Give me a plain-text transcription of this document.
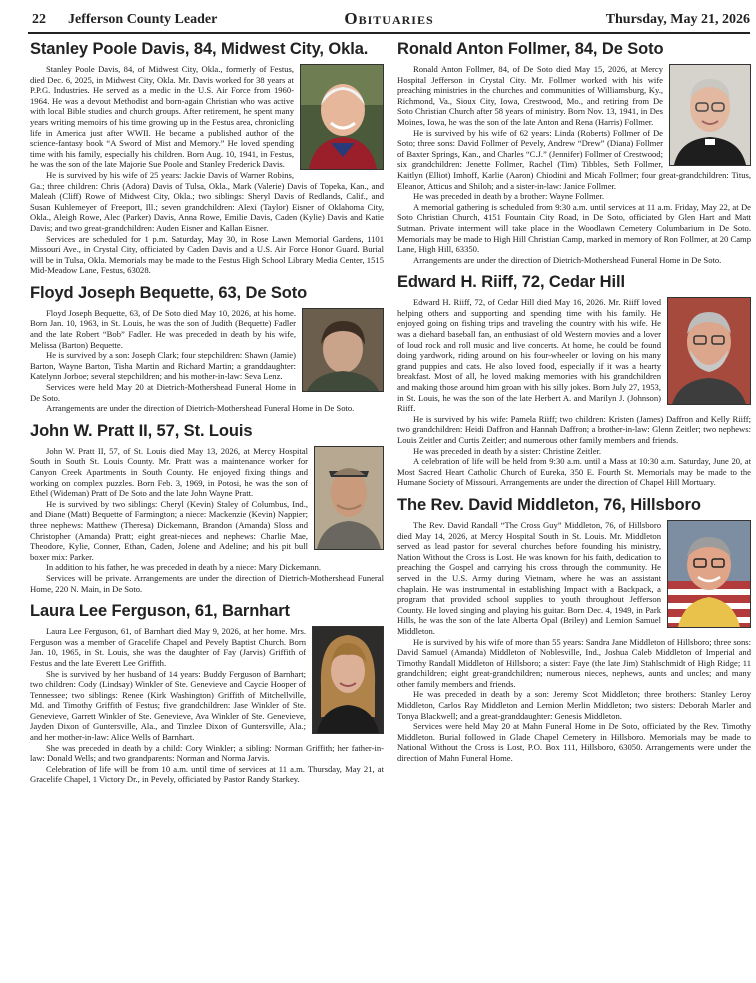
22 Jefferson County Leader	Obituaries	Thursday, May 21, 2026
Stanley Poole Davis, 84, Midwest City, Okla.

Stanley Poole Davis, 84, of Midwest City, Okla., formerly of Festus, died Dec. 6, 2025, in Midwest City, Okla. Mr. Davis worked for 38 years at P.P.G. Industries. He served as a medic in the U.S. Air Force from 1960-1964. He was a devout Methodist and born-again Christian who was active with local Bible studies and church groups. After retirement, he spent many years writing memoirs of his time growing up in the Festus area, chronicling life in America just after WWII. He became a published author of the science-fantasy book “A Sword of Mist and Memory.” He loved spending time with his family, especially his children. Born Aug. 10, 1941, in Festus, he was the son of the late Majorie Sue Poole and Stanley Frederick Davis.

He is survived by his wife of 25 years: Jackie Davis of Warner Robins, Ga.; three children: Chris (Adora) Davis of Tulsa, Okla., Mark (Valerie) Davis of Topeka, Kan., and Maleah (Cliff) Rowe of Midwest City, Okla.; two siblings: Sheryl Davis of Redlands, Calif., and Susan Kuhlemeyer of Freeport, Ill.; seven grandchildren: Alexi (Taylor) Eisner of Oklahoma City, Okla., Aleigh Rowe, Alec (Parker) Davis, Anna Rowe, Emilie Davis, Caden (Kylie) Davis and Katie Davis; and two great-grandchildren: Auden Eisner and Kallan Eisner.

Services are scheduled for 1 p.m. Saturday, May 30, in Rose Lawn Memorial Gardens, 1101 Missouri Ave., in Crystal City, officiated by Caden Davis and a U.S. Air Force Honor Guard. Burial will be in Tulsa, Okla. Memorials may be made to the Festus High School Library Media Center, 1515 Mid-Meadow Lane, Festus, 63028.

Floyd Joseph Bequette, 63, De Soto

Floyd Joseph Bequette, 63, of De Soto died May 10, 2026, at his home. Born Jan. 10, 1963, in St. Louis, he was the son of Judith (Bequette) Fadler and the late Robert “Bob” Fadler. He was preceded in death by his wife, Melissa (Barton) Bequette.

He is survived by a son: Joseph Clark; four stepchildren: Shawn (Jamie) Barton, Wayne Barton, Tisha Martin and Richard Martin; a granddaughter: Katelynn Jorboe; several stepchildren; and his mother-in-law: Seva Lenz.

Services were held May 20 at Dietrich-Mothershead Funeral Home in De Soto.

Arrangements are under the direction of Dietrich-Mothershead Funeral Home in De Soto.

John W. Pratt II, 57, St. Louis

John W. Pratt II, 57, of St. Louis died May 13, 2026, at Mercy Hospital South in South St. Louis County. Mr. Pratt was a maintenance worker for Canyon Creek Apartments in South County. He enjoyed fixing things and working on complex puzzles. Born Feb. 3, 1969, in Potosi, he was the son of Ethel (Wideman) Pratt of De Soto and the late John Wayne Pratt.

He is survived by two siblings: Cheryl (Kevin) Staley of Columbus, Ind., and Diane (Matt) Bequette of Farmington; a niece: Mackenzie (Kevin) Nappier; three nephews: Matthew (Theresa) Dickemann, Brandon (Amanda) Sloss and Christopher (Amanda) Pratt; eight great-nieces and nephews: Charlie Mae, Theodore, Kylie, Conner, Ethan, Caden, Jolene and Adeline; and his pit bull boxer mix: Parker.

In addition to his father, he was preceded in death by a niece: Mary Dickemann.

Services will be private. Arrangements are under the direction of Dietrich-Mothershead Funeral Home, 220 N. Main, in De Soto.

Laura Lee Ferguson, 61, Barnhart

Laura Lee Ferguson, 61, of Barnhart died May 9, 2026, at her home. Mrs. Ferguson was a member of Gracelife Chapel and Pevely Baptist Church. Born Jan. 10, 1965, in St. Louis, she was the daughter of Fay (Jarvis) Griffith of Festus and the late Everett Lee Griffith.

She is survived by her husband of 14 years: Buddy Ferguson of Barnhart; two children: Cody (Lindsay) Winkler of Ste. Genevieve and Caycie Hooper of Tennessee; two siblings: Renee (Kirk Washington) Griffith of Mitchellville, Md. and Timothy Griffith of Festus; five grandchildren: Jase Winkler of Ste. Genevieve, Garrett Winkler of Ste. Genevieve, Ava Winkler of Ste. Genevieve, Jayden Dixon of Guntersville, Ala., and Tinzlee Dixon of Guntersville, Ala.; and her mother-in-law: Alice Wells of Barnhart.

She was preceded in death by a child: Cory Winkler; a sibling: Norman Griffith; her father-in-law: Donald Wells; and two grandparents: Norman and Norma Jarvis.

Celebration of life will be from 10 a.m. until time of services at 11 a.m. Thursday, May 21, at Gracelife Chapel, 1 Victory Dr., in Pevely, officiated by Pastor Randy Starkey.

Ronald Anton Follmer, 84, De Soto

Ronald Anton Follmer, 84, of De Soto died May 15, 2026, at Mercy Hospital Jefferson in Crystal City. Mr. Follmer worked with his wife preaching ministries in the churches and communities of Williamsburg, Ky., Richmond, Va., Sioux City, Iowa, Crestwood, Mo., and retiring from De Soto Christian Church after 58 years of ministry. Born Nov. 13, 1941, in Des Moines, Iowa, he was the son of the late Anton and Rena (Harris) Follmer.

He is survived by his wife of 62 years: Linda (Roberts) Follmer of De Soto; three sons: David Follmer of Pevely, Andrew “Drew” (Diana) Follmer of Baxter Springs, Kan., and Charles “C.J.” (Jennifer) Follmer of Crestwood; six grandchildren: Jenette Follmer, Rachel (Tim) Tibbles, Seth Follmer, Kaitlyn (Elliot) Imhoff, Karlie (Aaron) Chiodini and Micah Follmer; four great-grandchildren: Titus, Eleanor, Atticus and Shiloh; and a sister-in-law: Janice Follmer.

He was preceded in death by a brother: Wayne Follmer.

A memorial gathering is scheduled from 9:30 a.m. until services at 11 a.m. Friday, May 22, at De Soto Christian Church, 4151 Fountain City Road, in De Soto, officiated by Glen Hart and Matt Sutman. Private interment will take place in the Woodlawn Cemetery Columbarium in De Soto. Memorials may be made to High Hill Christian Camp, marked in memory of Ron Follmer, at 20 Camp Lane, High Hill, 63350.

Arrangements are under the direction of Dietrich-Mothershead Funeral Home in De Soto.

Edward H. Riiff, 72, Cedar Hill

Edward H. Riiff, 72, of Cedar Hill died May 16, 2026. Mr. Riiff loved helping others and supporting and spending time with his family. He enjoyed going on fishing trips and traveling the country with his wife. He was a diehard baseball fan, an enthusiast of old Western movies and a lover of loud rock and roll music and live concerts. At home, he could be found doing yardwork, riding around on his four-wheeler or loving on his many grand puppies and cats. He also loved food, especially if it was a hearty breakfast. Most of all, he loved making memories with his grandchildren and making those around him groan with his silly jokes. Born July 27, 1953, in St. Louis, he was the son of the late Herbert A. and Marilyn J. (Johnson) Riiff.

He is survived by his wife: Pamela Riiff; two children: Kristen (James) Daffron and Kelly Riiff; two grandchildren: Heidi Daffron and Hannah Daffron; a brother-in-law: Glenn Zeitler; two nephews: Louis Zeitler and Curtis Zeitler; and numerous other family members and friends.

He was preceded in death by a sister: Christine Zeitler.

A celebration of life will be held from 9:30 a.m. until a Mass at 10:30 a.m. Saturday, June 20, at Most Sacred Heart Catholic Church of Eureka, 350 E. Fourth St. Memorials may be made to the Humane Society of Missouri. Arrangements are under the direction of Chapel Hill Mortuary.

The Rev. David Middleton, 76, Hillsboro

The Rev. David Randall “The Cross Guy” Middleton, 76, of Hillsboro died May 14, 2026, at Mercy Hospital South in St. Louis. Mr. Middleton served as lead pastor for several churches before founding his ministry, Nation Without the Cross is Lost. He was known for his faith, dedication to preaching the Gospel and carrying his cross through the community. He served in the U.S. Army during Vietnam, where he was an assistant chaplain. He was instrumental in establishing Impact with a Backpack, a program that provided school supplies to youth throughout Jefferson County. He loved singing and playing his guitar. Born Dec. 4, 1949, in Park Hills, he was the son of the late Alberta Opal (Briley) and Lemion Samuel Middleton.

He is survived by his wife of more than 55 years: Sandra Jane Middleton of Hillsboro; three sons: David Samuel (Amanda) Middleton of Noblesville, Ind., Joshua Caleb Middleton of Imperial and Timothy Randall Middleton of Hillsboro; a sister: Faye (the late Jim) Stahlschmidt of High Ridge; 11 grandchildren; eight great-grandchildren; numerous nieces, nephews, aunts and uncles; and many other family members and friends.

He was preceded in death by a son: Jeremy Scot Middleton; three brothers: Stanley Leroy Middleton, Carlos Ray Middleton and Lemion Merlin Middleton; two sisters: Deborah Marler and Tonya Blackwell; and a great-granddaughter: Genesis Middleton.

Services were held May 20 at Mahn Funeral Home in De Soto, officiated by the Rev. Timothy Middleton. Burial followed in Glade Chapel Cemetery in Hillsboro. Memorials may be made to National Without the Cross is Lost, P.O. Box 111, Hillsboro, 63050. Arrangements were under the direction of Mahn Funeral Home.
